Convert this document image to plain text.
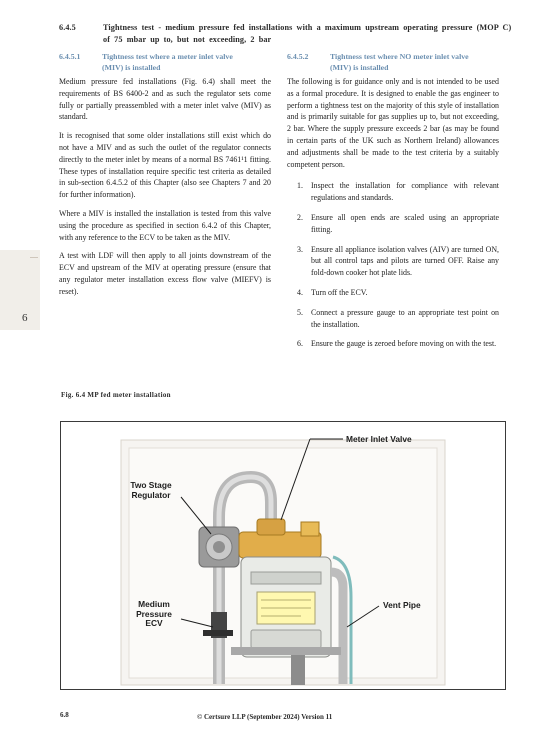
6.4.5	Tightness test - medium pressure fed installations with a maximum upstream operating pressure (MOP C) of 75 mbar up to, but not exceeding, 2 bar
6.4.5.1	Tightness test where a meter inlet valve (MIV) is installed

Medium pressure fed installations (Fig. 6.4) shall meet the requirements of BS 6400-2 and as such the regulator sets come fully or partially preassembled with a meter inlet valve (MIV) as standard.

It is recognised that some older installations still exist which do not have a MIV and as such the outlet of the regulator connects directly to the meter inlet by means of a normal BS 7461¹1 fitting. These types of installation require specific test criteria as detailed in sub-section 6.4.5.2 of this Chapter (also see Chapters 7 and 20 for further information).

Where a MIV is installed the installation is tested from this valve using the procedure as specified in section 6.4.2 of this Chapter, with any reference to the ECV to be taken as the MIV.

A test with LDF will then apply to all joints downstream of the ECV and upstream of the MIV at operating pressure (ensure that any regulator meter installation excess flow valve (MIEFV) is reset).

6.4.5.2	Tightness test where NO meter inlet valve (MIV) is installed

The following is for guidance only and is not intended to be used as a formal procedure. It is designed to enable the gas engineer to perform a tightness test on the majority of this style of installation and is primarily suitable for gas supplies up to, but not exceeding, 2 bar. Where the supply pressure exceeds 2 bar (as may be found in certain parts of the UK such as Northern Ireland) allowances and adjustments shall be made to the test criteria by a suitably competent person.

1. Inspect the installation for compliance with relevant regulations and standards.
2. Ensure all open ends are scaled using an appropriate fitting.
3. Ensure all appliance isolation valves (AIV) are turned ON, but all control taps and pilots are turned OFF. Raise any fold-down cooker hot plate lids.
4. Turn off the ECV.
5. Connect a pressure gauge to an appropriate test point on the installation.
6. Ensure the gauge is zeroed before moving on with the test.
6
Fig. 6.4 MP fed meter installation
Meter Inlet Valve
Two Stage
Regulator
Medium
Pressure
ECV
Vent Pipe
6.8	© Certsure LLP (September 2024) Version 11
